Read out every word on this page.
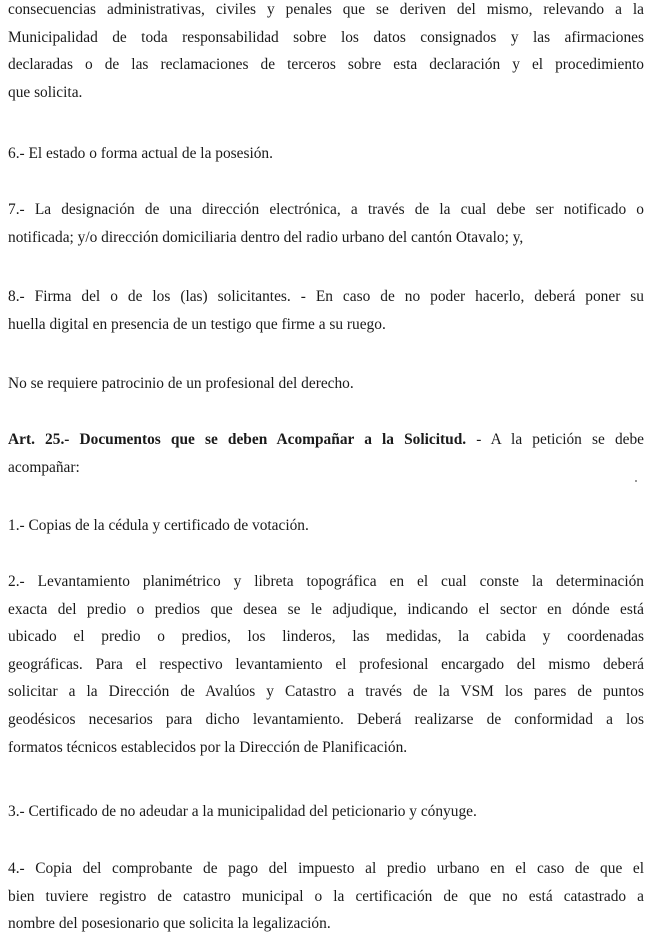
consecuencias administrativas, civiles y penales que se deriven del mismo, relevando a la
Municipalidad de toda responsabilidad sobre los datos consignados y las afirmaciones
declaradas o de las reclamaciones de terceros sobre esta declaración y el procedimiento
que solicita.

6.- El estado o forma actual de la posesión.

7.- La designación de una dirección electrónica, a través de la cual debe ser notificado o
notificada; y/o dirección domiciliaria dentro del radio urbano del cantón Otavalo; y,

8.- Firma del o de los (las) solicitantes. - En caso de no poder hacerlo, deberá poner su
huella digital en presencia de un testigo que firme a su ruego.

No se requiere patrocinio de un profesional del derecho.

Art. 25.- Documentos que se deben Acompañar a la Solicitud. - A la petición se debe
acompañar:

1.- Copias de la cédula y certificado de votación.

2.- Levantamiento planimétrico y libreta topográfica en el cual conste la determinación
exacta del predio o predios que desea se le adjudique, indicando el sector en dónde está
ubicado el predio o predios, los linderos, las medidas, la cabida y coordenadas
geográficas. Para el respectivo levantamiento el profesional encargado del mismo deberá
solicitar a la Dirección de Avalúos y Catastro a través de la VSM los pares de puntos
geodésicos necesarios para dicho levantamiento. Deberá realizarse de conformidad a los
formatos técnicos establecidos por la Dirección de Planificación.

3.- Certificado de no adeudar a la municipalidad del peticionario y cónyuge.

4.- Copia del comprobante de pago del impuesto al predio urbano en el caso de que el
bien tuviere registro de catastro municipal o la certificación de que no está catastrado a
nombre del posesionario que solicita la legalización.
